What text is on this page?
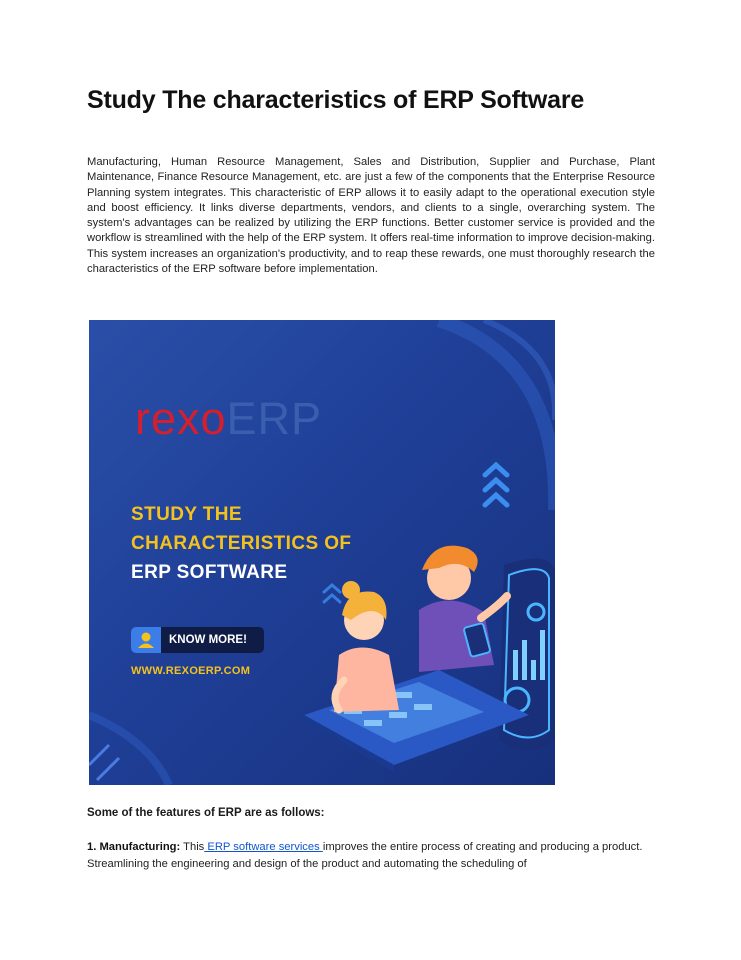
Study The characteristics of ERP Software

Manufacturing, Human Resource Management, Sales and Distribution, Supplier and Purchase, Plant Maintenance, Finance Resource Management, etc. are just a few of the components that the Enterprise Resource Planning system integrates. This characteristic of ERP allows it to easily adapt to the operational execution style and boost efficiency. It links diverse departments, vendors, and clients to a single, overarching system. The system's advantages can be realized by utilizing the ERP functions. Better customer service is provided and the workflow is streamlined with the help of the ERP system. It offers real-time information to improve decision-making. This system increases an organization's productivity, and to reap these rewards, one must thoroughly research the characteristics of the ERP software before implementation.

rexoERP
STUDY THE
CHARACTERISTICS OF
ERP SOFTWARE
KNOW MORE!
WWW.REXOERP.COM

Some of the features of ERP are as follows:

1. Manufacturing: This ERP software services improves the entire process of creating and producing a product. Streamlining the engineering and design of the product and automating the scheduling of
